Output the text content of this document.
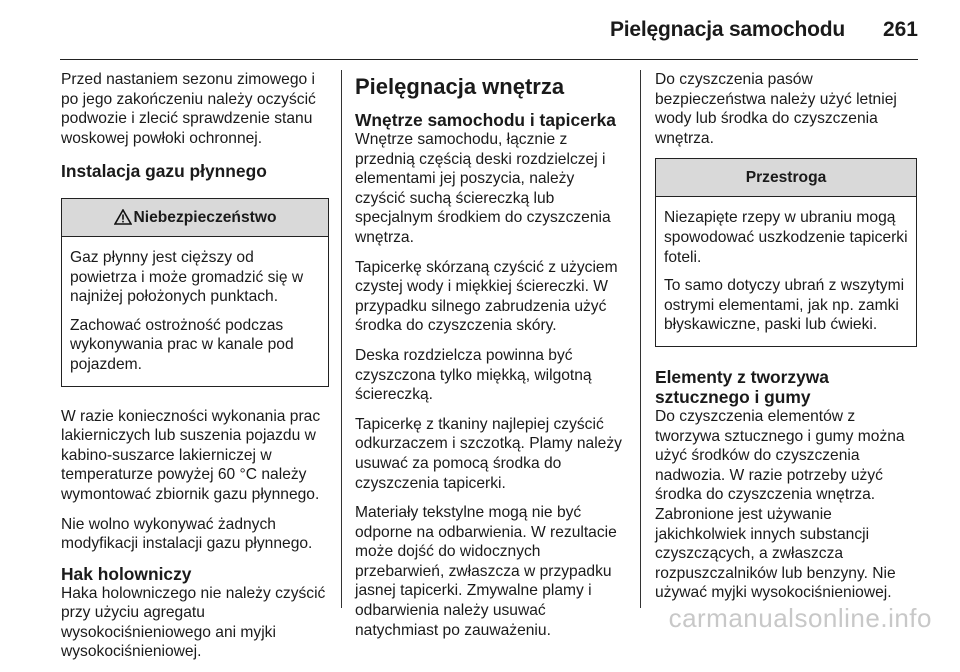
Pielęgnacja samochodu 261

Przed nastaniem sezonu zimowego i po jego zakończeniu należy oczyścić podwozie i zlecić sprawdzenie stanu woskowej powłoki ochronnej.

Instalacja gazu płynnego
Niebezpieczeństwo

Gaz płynny jest cięższy od powietrza i może gromadzić się w najniżej położonych punktach.

Zachować ostrożność podczas wykonywania prac w kanale pod pojazdem.

W razie konieczności wykonania prac lakierniczych lub suszenia pojazdu w kabino-suszarce lakierniczej w temperaturze powyżej 60 °C należy wymontować zbiornik gazu płynnego.

Nie wolno wykonywać żadnych modyfikacji instalacji gazu płynnego.

Hak holowniczy

Haka holowniczego nie należy czyścić przy użyciu agregatu wysokociśnieniowego ani myjki wysokociśnieniowej.

Pielęgnacja wnętrza
Wnętrze samochodu i tapicerka

Wnętrze samochodu, łącznie z przednią częścią deski rozdzielczej i elementami jej poszycia, należy czyścić suchą ściereczką lub specjalnym środkiem do czyszczenia wnętrza.

Tapicerkę skórzaną czyścić z użyciem czystej wody i miękkiej ściereczki. W przypadku silnego zabrudzenia użyć środka do czyszczenia skóry.

Deska rozdzielcza powinna być czyszczona tylko miękką, wilgotną ściereczką.

Tapicerkę z tkaniny najlepiej czyścić odkurzaczem i szczotką. Plamy należy usuwać za pomocą środka do czyszczenia tapicerki.

Materiały tekstylne mogą nie być odporne na odbarwienia. W rezultacie może dojść do widocznych przebarwień, zwłaszcza w przypadku jasnej tapicerki. Zmywalne plamy i odbarwienia należy usuwać natychmiast po zauważeniu.

Do czyszczenia pasów bezpieczeństwa należy użyć letniej wody lub środka do czyszczenia wnętrza.

Przestroga

Niezapięte rzepy w ubraniu mogą spowodować uszkodzenie tapicerki foteli.

To samo dotyczy ubrań z wszytymi ostrymi elementami, jak np. zamki błyskawiczne, paski lub ćwieki.

Elementy z tworzywa
sztucznego i gumy

Do czyszczenia elementów z tworzywa sztucznego i gumy można użyć środków do czyszczenia nadwozia. W razie potrzeby użyć środka do czyszczenia wnętrza. Zabronione jest używanie jakichkolwiek innych substancji czyszczących, a zwłaszcza rozpuszczalników lub benzyny. Nie używać myjki wysokociśnieniowej.

carmanualsonline.info
